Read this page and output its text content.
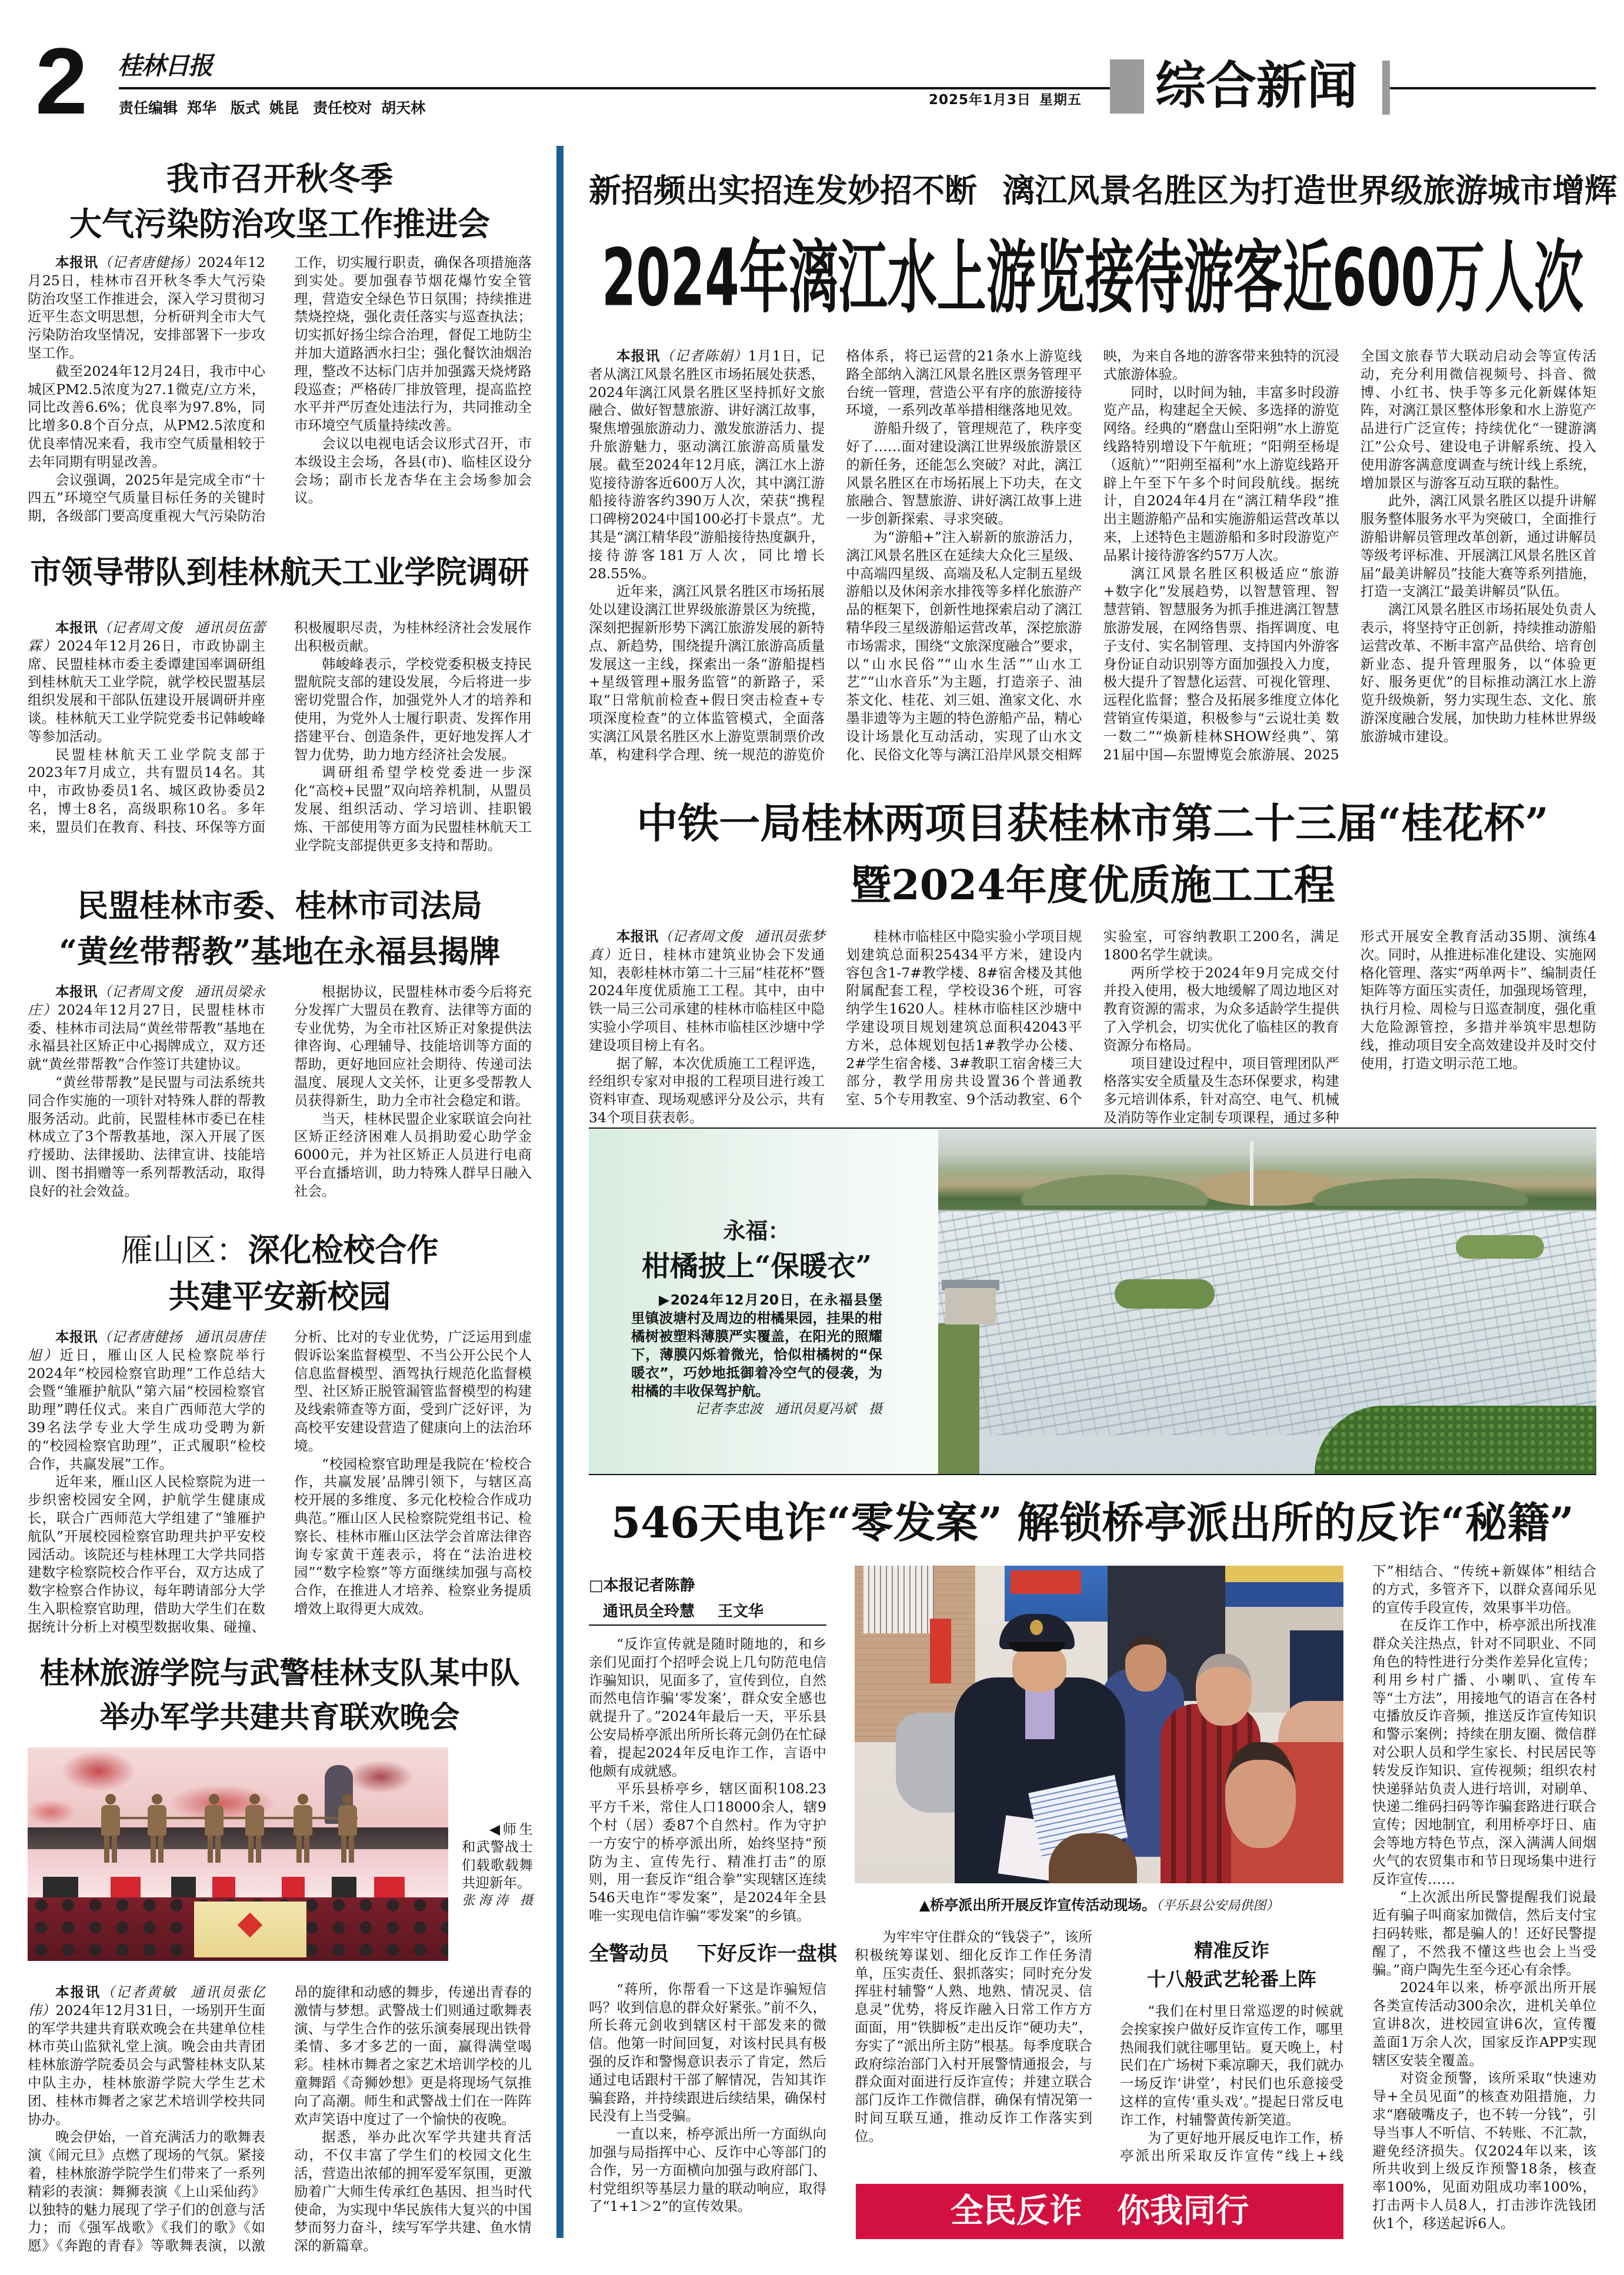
2 桂林日报
责任编辑 郑华 版式 姚昆 责任校对 胡天林	2025年1月3日 星期五 综合新闻
我市召开秋冬季
大气污染防治攻坚工作推进会

本报讯（记者唐健扬）2024年12月25日，桂林市召开秋冬季大气污染防治攻坚工作推进会，深入学习贯彻习近平生态文明思想，分析研判全市大气污染防治攻坚情况，安排部署下一步攻坚工作。

截至2024年12月24日，我市中心城区PM2.5浓度为27.1微克/立方米，同比改善6.6%；优良率为97.8%，同比增多0.8个百分点，从PM2.5浓度和优良率情况来看，我市空气质量相较于去年同期有明显改善。

会议强调，2025年是完成全市“十四五”环境空气质量目标任务的关键时期，各级部门要高度重视大气污染防治工作，切实履行职责，确保各项措施落到实处。要加强春节烟花爆竹安全管理，营造安全绿色节日氛围；持续推进禁烧控烧，强化责任落实与巡查执法；切实抓好扬尘综合治理，督促工地防尘并加大道路洒水扫尘；强化餐饮油烟治理，整改不达标门店并加强露天烧烤路段巡查；严格砖厂排放管理，提高监控水平并严厉查处违法行为，共同推动全市环境空气质量持续改善。

会议以电视电话会议形式召开，市本级设主会场，各县(市)、临桂区设分会场；副市长龙杏华在主会场参加会议。

市领导带队到桂林航天工业学院调研

本报讯（记者周文俊 通讯员伍蕾霖）2024年12月26日，市政协副主席、民盟桂林市委主委谭建国率调研组到桂林航天工业学院，就学校民盟基层组织发展和干部队伍建设开展调研并座谈。桂林航天工业学院党委书记韩峻峰等参加活动。

民盟桂林航天工业学院支部于2023年7月成立，共有盟员14名。其中，市政协委员1名、城区政协委员2名，博士8名，高级职称10名。多年来，盟员们在教育、科技、环保等方面积极履职尽责，为桂林经济社会发展作出积极贡献。

韩峻峰表示，学校党委积极支持民盟航院支部的建设发展，今后将进一步密切党盟合作，加强党外人才的培养和使用，为党外人士履行职责、发挥作用搭建平台、创造条件，更好地发挥人才智力优势，助力地方经济社会发展。

调研组希望学校党委进一步深化“高校+民盟”双向培养机制，从盟员发展、组织活动、学习培训、挂职锻炼、干部使用等方面为民盟桂林航天工业学院支部提供更多支持和帮助。

民盟桂林市委、桂林市司法局
“黄丝带帮教”基地在永福县揭牌

本报讯（记者周文俊 通讯员梁永庄）2024年12月27日，民盟桂林市委、桂林市司法局“黄丝带帮教”基地在永福县社区矫正中心揭牌成立，双方还就“黄丝带帮教”合作签订共建协议。

“黄丝带帮教”是民盟与司法系统共同合作实施的一项针对特殊人群的帮教服务活动。此前，民盟桂林市委已在桂林成立了3个帮教基地，深入开展了医疗援助、法律援助、法律宣讲、技能培训、图书捐赠等一系列帮教活动，取得良好的社会效益。

根据协议，民盟桂林市委今后将充分发挥广大盟员在教育、法律等方面的专业优势，为全市社区矫正对象提供法律咨询、心理辅导、技能培训等方面的帮助，更好地回应社会期待、传递司法温度、展现人文关怀，让更多受帮教人员获得新生，助力全市社会稳定和谐。

当天，桂林民盟企业家联谊会向社区矫正经济困难人员捐助爱心助学金6000元，并为社区矫正人员进行电商平台直播培训，助力特殊人群早日融入社会。

雁山区：深化检校合作
共建平安新校园

本报讯（记者唐健扬 通讯员唐佳旭）近日，雁山区人民检察院举行2024年“校园检察官助理”工作总结大会暨“雏雁护航队”第六届“校园检察官助理”聘任仪式。来自广西师范大学的39名法学专业大学生成功受聘为新的“校园检察官助理”，正式履职“检校合作，共赢发展”工作。

近年来，雁山区人民检察院为进一步织密校园安全网，护航学生健康成长，联合广西师范大学组建了“雏雁护航队”开展校园检察官助理共护平安校园活动。该院还与桂林理工大学共同搭建数字检察院校合作平台，双方达成了数字检察合作协议，每年聘请部分大学生入职检察官助理，借助大学生们在数据统计分析上对模型数据收集、碰撞、分析、比对的专业优势，广泛运用到虚假诉讼案监督模型、不当公开公民个人信息监督模型、酒驾执行规范化监督模型、社区矫正脱管漏管监督模型的构建及线索筛查等方面，受到广泛好评，为高校平安建设营造了健康向上的法治环境。

“校园检察官助理是我院在‘检校合作，共赢发展’品牌引领下，与辖区高校开展的多维度、多元化校检合作成功典范。”雁山区人民检察院党组书记、检察长、桂林市雁山区法学会首席法律咨询专家黄干莲表示，将在“法治进校园”“数字检察”等方面继续加强与高校合作，在推进人才培养、检察业务提质增效上取得更大成效。

桂林旅游学院与武警桂林支队某中队
举办军学共建共育联欢晚会
◀师生和武警战士们载歌载舞共迎新年。
张海涛 摄

本报讯（记者黄敏 通讯员张亿伟）2024年12月31日，一场别开生面的军学共建共育联欢晚会在共建单位桂林市英山监狱礼堂上演。晚会由共青团桂林旅游学院委员会与武警桂林支队某中队主办，桂林旅游学院大学生艺术团、桂林市舞者之家艺术培训学校共同协办。

晚会伊始，一首充满活力的歌舞表演《闹元旦》点燃了现场的气氛。紧接着，桂林旅游学院学生们带来了一系列精彩的表演：舞狮表演《上山采仙药》以独特的魅力展现了学子们的创意与活力；而《强军战歌》《我们的歌》《如愿》《奔跑的青春》等歌舞表演，以激昂的旋律和动感的舞步，传递出青春的激情与梦想。武警战士们则通过歌舞表演、与学生合作的弦乐演奏展现出铁骨柔情、多才多艺的一面，赢得满堂喝彩。桂林市舞者之家艺术培训学校的儿童舞蹈《奇狮妙想》更是将现场气氛推向了高潮。师生和武警战士们在一阵阵欢声笑语中度过了一个愉快的夜晚。

据悉，举办此次军学共建共育活动，不仅丰富了学生们的校园文化生活，营造出浓郁的拥军爱军氛围，更激励着广大师生传承红色基因、担当时代使命，为实现中华民族伟大复兴的中国梦而努力奋斗，续写军学共建、鱼水情深的新篇章。

新招频出实招连发妙招不断 漓江风景名胜区为打造世界级旅游城市增辉
2024年漓江水上游览接待游客近600万人次

本报讯（记者陈娟）1月1日，记者从漓江风景名胜区市场拓展处获悉，2024年漓江风景名胜区坚持抓好文旅融合、做好智慧旅游、讲好漓江故事，聚焦增强旅游动力、激发旅游活力、提升旅游魅力，驱动漓江旅游高质量发展。截至2024年12月底，漓江水上游览接待游客近600万人次，其中漓江游船接待游客约390万人次，荣获“携程口碑榜2024中国100必打卡景点”。尤其是“漓江精华段”游船接待热度飙升，接待游客181万人次，同比增长28.55%。

近年来，漓江风景名胜区市场拓展处以建设漓江世界级旅游景区为统揽，深刻把握新形势下漓江旅游发展的新特点、新趋势，围绕提升漓江旅游高质量发展这一主线，探索出一条“游船提档+星级管理+服务监管”的新路子，采取“日常航前检查+假日突击检查+专项深度检查”的立体监管模式，全面落实漓江风景名胜区水上游览票制票价改革，构建科学合理、统一规范的游览价格体系，将已运营的21条水上游览线路全部纳入漓江风景名胜区票务管理平台统一管理，营造公平有序的旅游接待环境，一系列改革举措相继落地见效。

游船升级了，管理规范了，秩序变好了……面对建设漓江世界级旅游景区的新任务，还能怎么突破？对此，漓江风景名胜区在市场拓展上下功夫，在文旅融合、智慧旅游、讲好漓江故事上进一步创新探索、寻求突破。

为“游船+”注入崭新的旅游活力，漓江风景名胜区在延续大众化三星级、中高端四星级、高端及私人定制五星级游船以及休闲亲水排筏等多样化旅游产品的框架下，创新性地探索启动了漓江精华段三星级游船运营改革，深挖旅游市场需求，围绕“文旅深度融合”要求，以“山水民俗”“山水生活”“山水工艺”“山水音乐”为主题，打造亲子、油茶文化、桂花、刘三姐、渔家文化、水墨非遗等为主题的特色游船产品，精心设计场景化互动活动，实现了山水文化、民俗文化等与漓江沿岸风景交相辉映，为来自各地的游客带来独特的沉浸式旅游体验。

同时，以时间为轴，丰富多时段游览产品，构建起全天候、多选择的游览网络。经典的“磨盘山至阳朔”水上游览线路特别增设下午航班；“阳朔至杨堤（返航）”“阳朔至福利”水上游览线路开辟上午至下午多个时间段航线。据统计，自2024年4月在“漓江精华段”推出主题游船产品和实施游船运营改革以来，上述特色主题游船和多时段游览产品累计接待游客约57万人次。

漓江风景名胜区积极适应“旅游+数字化”发展趋势，以智慧管理、智慧营销、智慧服务为抓手推进漓江智慧旅游发展，在网络售票、指挥调度、电子支付、实名制管理、支持国内外游客身份证自动识别等方面加强投入力度，极大提升了智慧化运营、可视化管理、远程化监督；整合及拓展多维度立体化营销宣传渠道，积极参与“云说壮美 数一数二”“焕新桂林SHOW经典”、第21届中国—东盟博览会旅游展、2025全国文旅春节大联动启动会等宣传活动，充分利用微信视频号、抖音、微博、小红书、快手等多元化新媒体矩阵，对漓江景区整体形象和水上游览产品进行广泛宣传；持续优化“一键游漓江”公众号、建设电子讲解系统、投入使用游客满意度调查与统计线上系统，增加景区与游客互动互联的黏性。

此外，漓江风景名胜区以提升讲解服务整体服务水平为突破口，全面推行游船讲解员管理改革创新，通过讲解员等级考评标准、开展漓江风景名胜区首届“最美讲解员”技能大赛等系列措施，打造一支漓江“最美讲解员”队伍。

漓江风景名胜区市场拓展处负责人表示，将坚持守正创新，持续推动游船运营改革、不断丰富产品供给、培育创新业态、提升管理服务，以“体验更好、服务更优”的目标推动漓江水上游览升级焕新，努力实现生态、文化、旅游深度融合发展，加快助力桂林世界级旅游城市建设。

中铁一局桂林两项目获桂林市第二十三届“桂花杯”
暨2024年度优质施工工程

本报讯（记者周文俊 通讯员张梦真）近日，桂林市建筑业协会下发通知，表彰桂林市第二十三届“桂花杯”暨2024年度优质施工工程。其中，由中铁一局三公司承建的桂林市临桂区中隐实验小学项目、桂林市临桂区沙塘中学建设项目榜上有名。

据了解，本次优质施工工程评选，经组织专家对申报的工程项目进行竣工资料审查、现场观感评分及公示，共有34个项目获表彰。

桂林市临桂区中隐实验小学项目规划建筑总面积25434平方米，建设内容包含1-7#教学楼、8#宿舍楼及其他附属配套工程，学校设36个班，可容纳学生1620人。桂林市临桂区沙塘中学建设项目规划建筑总面积42043平方米，总体规划包括1#教学办公楼、2#学生宿舍楼、3#教职工宿舍楼三大部分，教学用房共设置36个普通教室、5个专用教室、9个活动教室、6个实验室，可容纳教职工200名，满足1800名学生就读。

两所学校于2024年9月完成交付并投入使用，极大地缓解了周边地区对教育资源的需求，为众多适龄学生提供了入学机会，切实优化了临桂区的教育资源分布格局。

项目建设过程中，项目管理团队严格落实安全质量及生态环保要求，构建多元培训体系，针对高空、电气、机械及消防等作业定制专项课程，通过多种形式开展安全教育活动35期、演练4次。同时，从推进标准化建设、实施网格化管理、落实“两单两卡”、编制责任矩阵等方面压实责任，加强现场管理，执行月检、周检与日巡查制度，强化重大危险源管控，多措并举筑牢思想防线，推动项目安全高效建设并及时交付使用，打造文明示范工地。

永福：
柑橘披上“保暖衣”
▶2024年12月20日，在永福县堡里镇波塘村及周边的柑橘果园，挂果的柑橘树被塑料薄膜严实覆盖，在阳光的照耀下，薄膜闪烁着微光，恰似柑橘树的“保暖衣”，巧妙地抵御着冷空气的侵袭，为柑橘的丰收保驾护航。
记者李忠波 通讯员夏冯斌 摄
546天电诈“零发案” 解锁桥亭派出所的反诈“秘籍”
□本报记者陈静
通讯员全玲慧 王文华

“反诈宣传就是随时随地的，和乡亲们见面打个招呼会说上几句防范电信诈骗知识，见面多了，宣传到位，自然而然电信诈骗‘零发案’，群众安全感也就提升了。”2024年最后一天，平乐县公安局桥亭派出所所长蒋元剑仍在忙碌着，提起2024年反电诈工作，言语中他颇有成就感。

平乐县桥亭乡，辖区面积108.23平方千米，常住人口18000余人，辖9个村（居）委87个自然村。作为守护一方安宁的桥亭派出所，始终坚持“预防为主、宣传先行、精准打击”的原则，用一套反诈“组合拳”实现辖区连续546天电诈“零发案”，是2024年全县唯一实现电信诈骗“零发案”的乡镇。

全警动员 下好反诈一盘棋

“蒋所，你帮看一下这是诈骗短信吗？收到信息的群众好紧张。”前不久，所长蒋元剑收到辖区村干部发来的微信。他第一时间回复，对该村民具有极强的反诈和警惕意识表示了肯定，然后通过电话跟村干部了解情况，告知其诈骗套路，并持续跟进后续结果，确保村民没有上当受骗。

一直以来，桥亭派出所一方面纵向加强与局指挥中心、反诈中心等部门的合作，另一方面横向加强与政府部门、村党组织等基层力量的联动响应，取得了“1+1＞2”的宣传效果。

▲桥亭派出所开展反诈宣传活动现场。（平乐县公安局供图）

为牢牢守住群众的“钱袋子”，该所积极统筹谋划、细化反诈工作任务清单，压实责任、狠抓落实；同时充分发挥驻村辅警“人熟、地熟、情况灵、信息灵”优势，将反诈融入日常工作方方面面，用“铁脚板”走出反诈“硬功夫”，夯实了“派出所主防”根基。每季度联合政府综治部门入村开展警情通报会，与群众面对面进行反诈宣传；并建立联合部门反诈工作微信群，确保有情况第一时间互联互通，推动反诈工作落实到位。

精准反诈
十八般武艺轮番上阵

“我们在村里日常巡逻的时候就会挨家挨户做好反诈宣传工作，哪里热闹我们就往哪里钻。夏天晚上，村民们在广场树下乘凉聊天，我们就办一场反诈‘讲堂’，村民们也乐意接受这样的宣传‘重头戏’。”提起日常反电诈工作，村辅警黄传新笑道。

为了更好地开展反电诈工作，桥亭派出所采取反诈宣传“线上+线

全民反诈 你我同行

下”相结合、“传统+新媒体”相结合的方式，多管齐下，以群众喜闻乐见的宣传手段宣传，效果事半功倍。

在反诈工作中，桥亭派出所找准群众关注热点，针对不同职业、不同角色的特性进行分类作差异化宣传；利用乡村广播、小喇叭、宣传车等“土方法”，用接地气的语言在各村屯播放反诈音频，推送反诈宣传知识和警示案例；持续在朋友圈、微信群对公职人员和学生家长、村民居民等转发反诈知识、宣传视频；组织农村快递驿站负责人进行培训，对刷单、快递二维码扫码等诈骗套路进行联合宣传；因地制宜，利用桥亭圩日、庙会等地方特色节点，深入满满人间烟火气的农贸集市和节日现场集中进行反诈宣传……

“上次派出所民警提醒我们说最近有骗子叫商家加微信，然后支付宝扫码转账，都是骗人的！还好民警提醒了，不然我不懂这些也会上当受骗。”商户陶先生至今还心有余悸。

2024年以来，桥亭派出所开展各类宣传活动300余次，进机关单位宣讲8次，进校园宣讲6次，宣传覆盖面1万余人次，国家反诈APP实现辖区安装全覆盖。

对资金预警，该所采取“快速劝导+全员见面”的核查劝阻措施，力求“磨破嘴皮子，也不转一分钱”，引导当事人不听信、不转账、不汇款，避免经济损失。仅2024年以来，该所共收到上级反诈预警18条，核查率100%，见面劝阻成功率100%，打击两卡人员8人，打击涉诈洗钱团伙1个，移送起诉6人。
